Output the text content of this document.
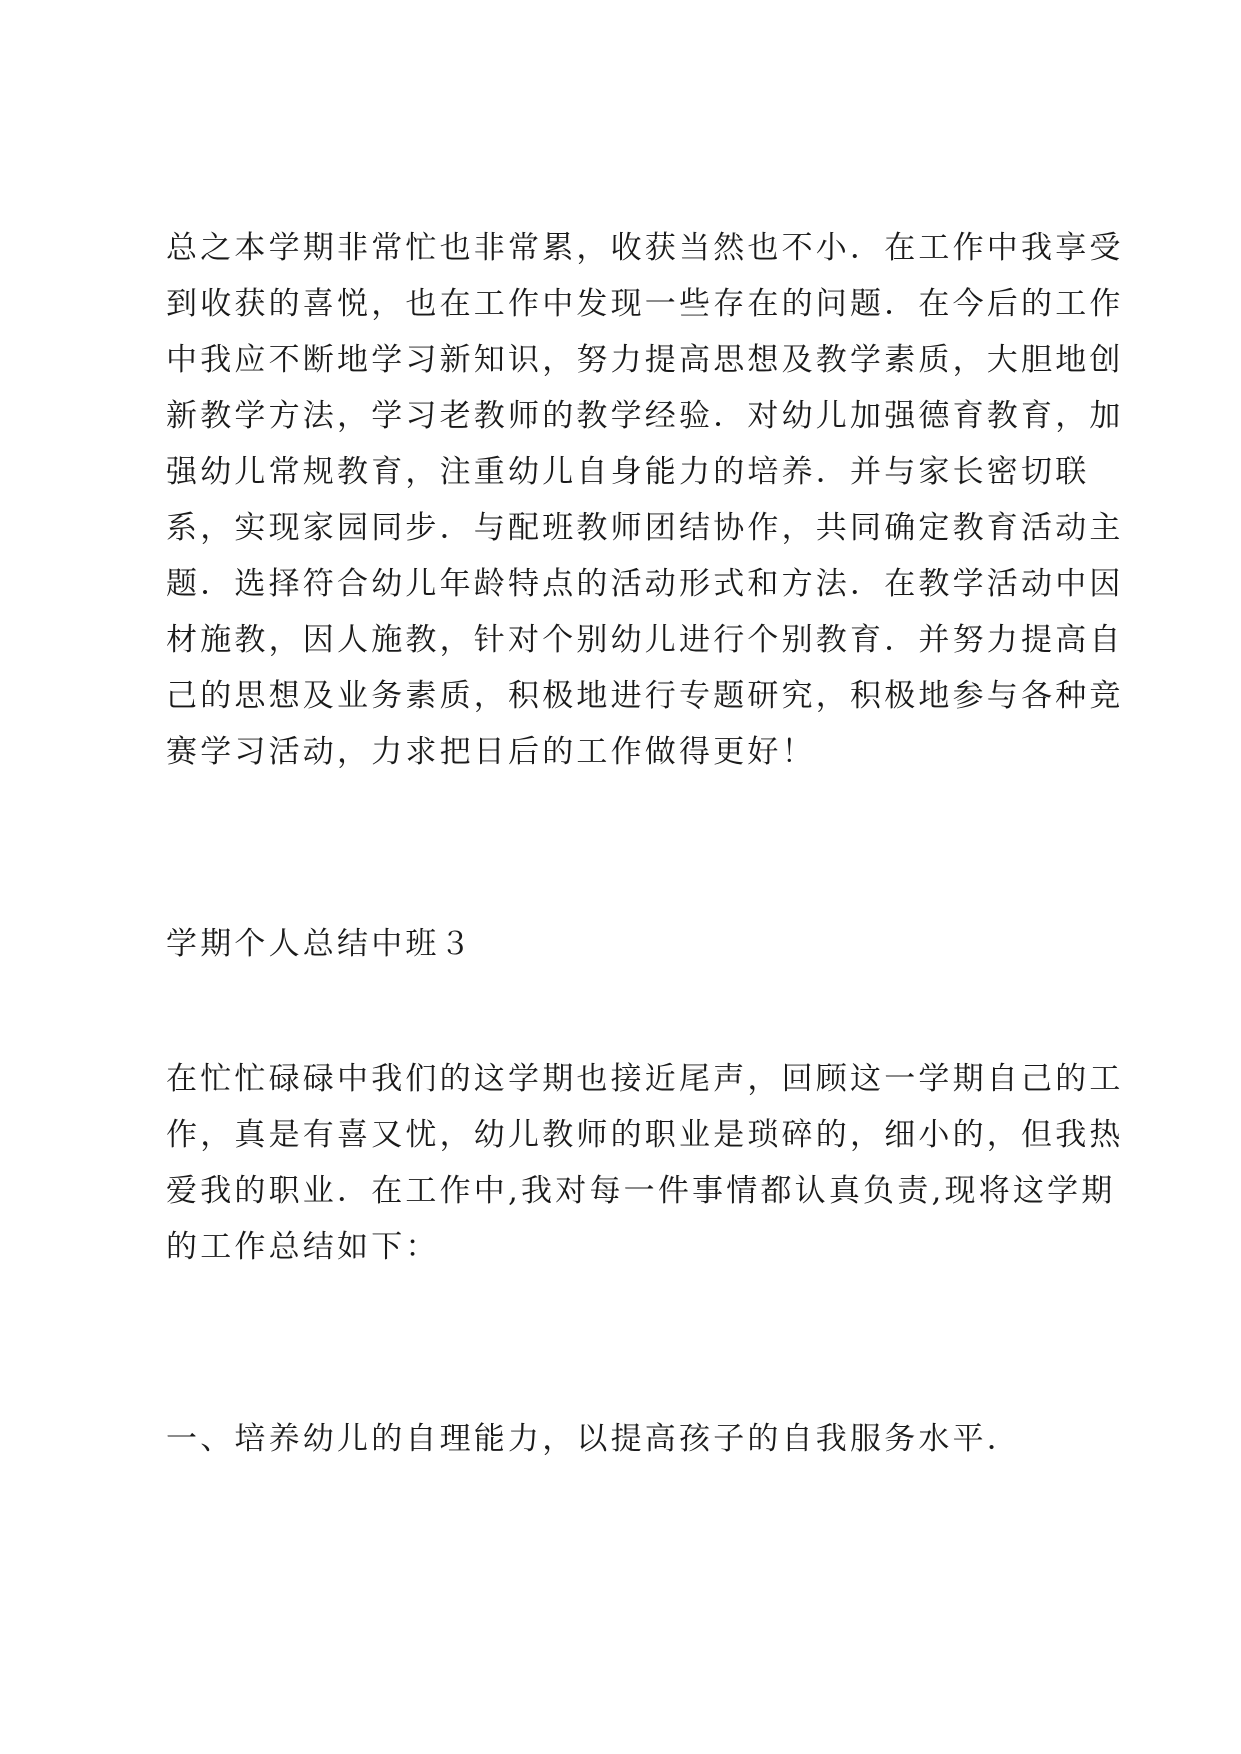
总之本学期非常忙也非常累，收获当然也不小．在工作中我享受
到收获的喜悦，也在工作中发现一些存在的问题．在今后的工作
中我应不断地学习新知识，努力提高思想及教学素质，大胆地创
新教学方法，学习老教师的教学经验．对幼儿加强德育教育，加
强幼儿常规教育，注重幼儿自身能力的培养．并与家长密切联
系，实现家园同步．与配班教师团结协作，共同确定教育活动主
题．选择符合幼儿年龄特点的活动形式和方法．在教学活动中因
材施教，因人施教，针对个别幼儿进行个别教育．并努力提高自
己的思想及业务素质，积极地进行专题研究，积极地参与各种竞
赛学习活动，力求把日后的工作做得更好！
学期个人总结中班３
在忙忙碌碌中我们的这学期也接近尾声，回顾这一学期自己的工
作，真是有喜又忧，幼儿教师的职业是琐碎的，细小的，但我热
爱我的职业．在工作中,我对每一件事情都认真负责,现将这学期
的工作总结如下：
一、培养幼儿的自理能力，以提高孩子的自我服务水平．
